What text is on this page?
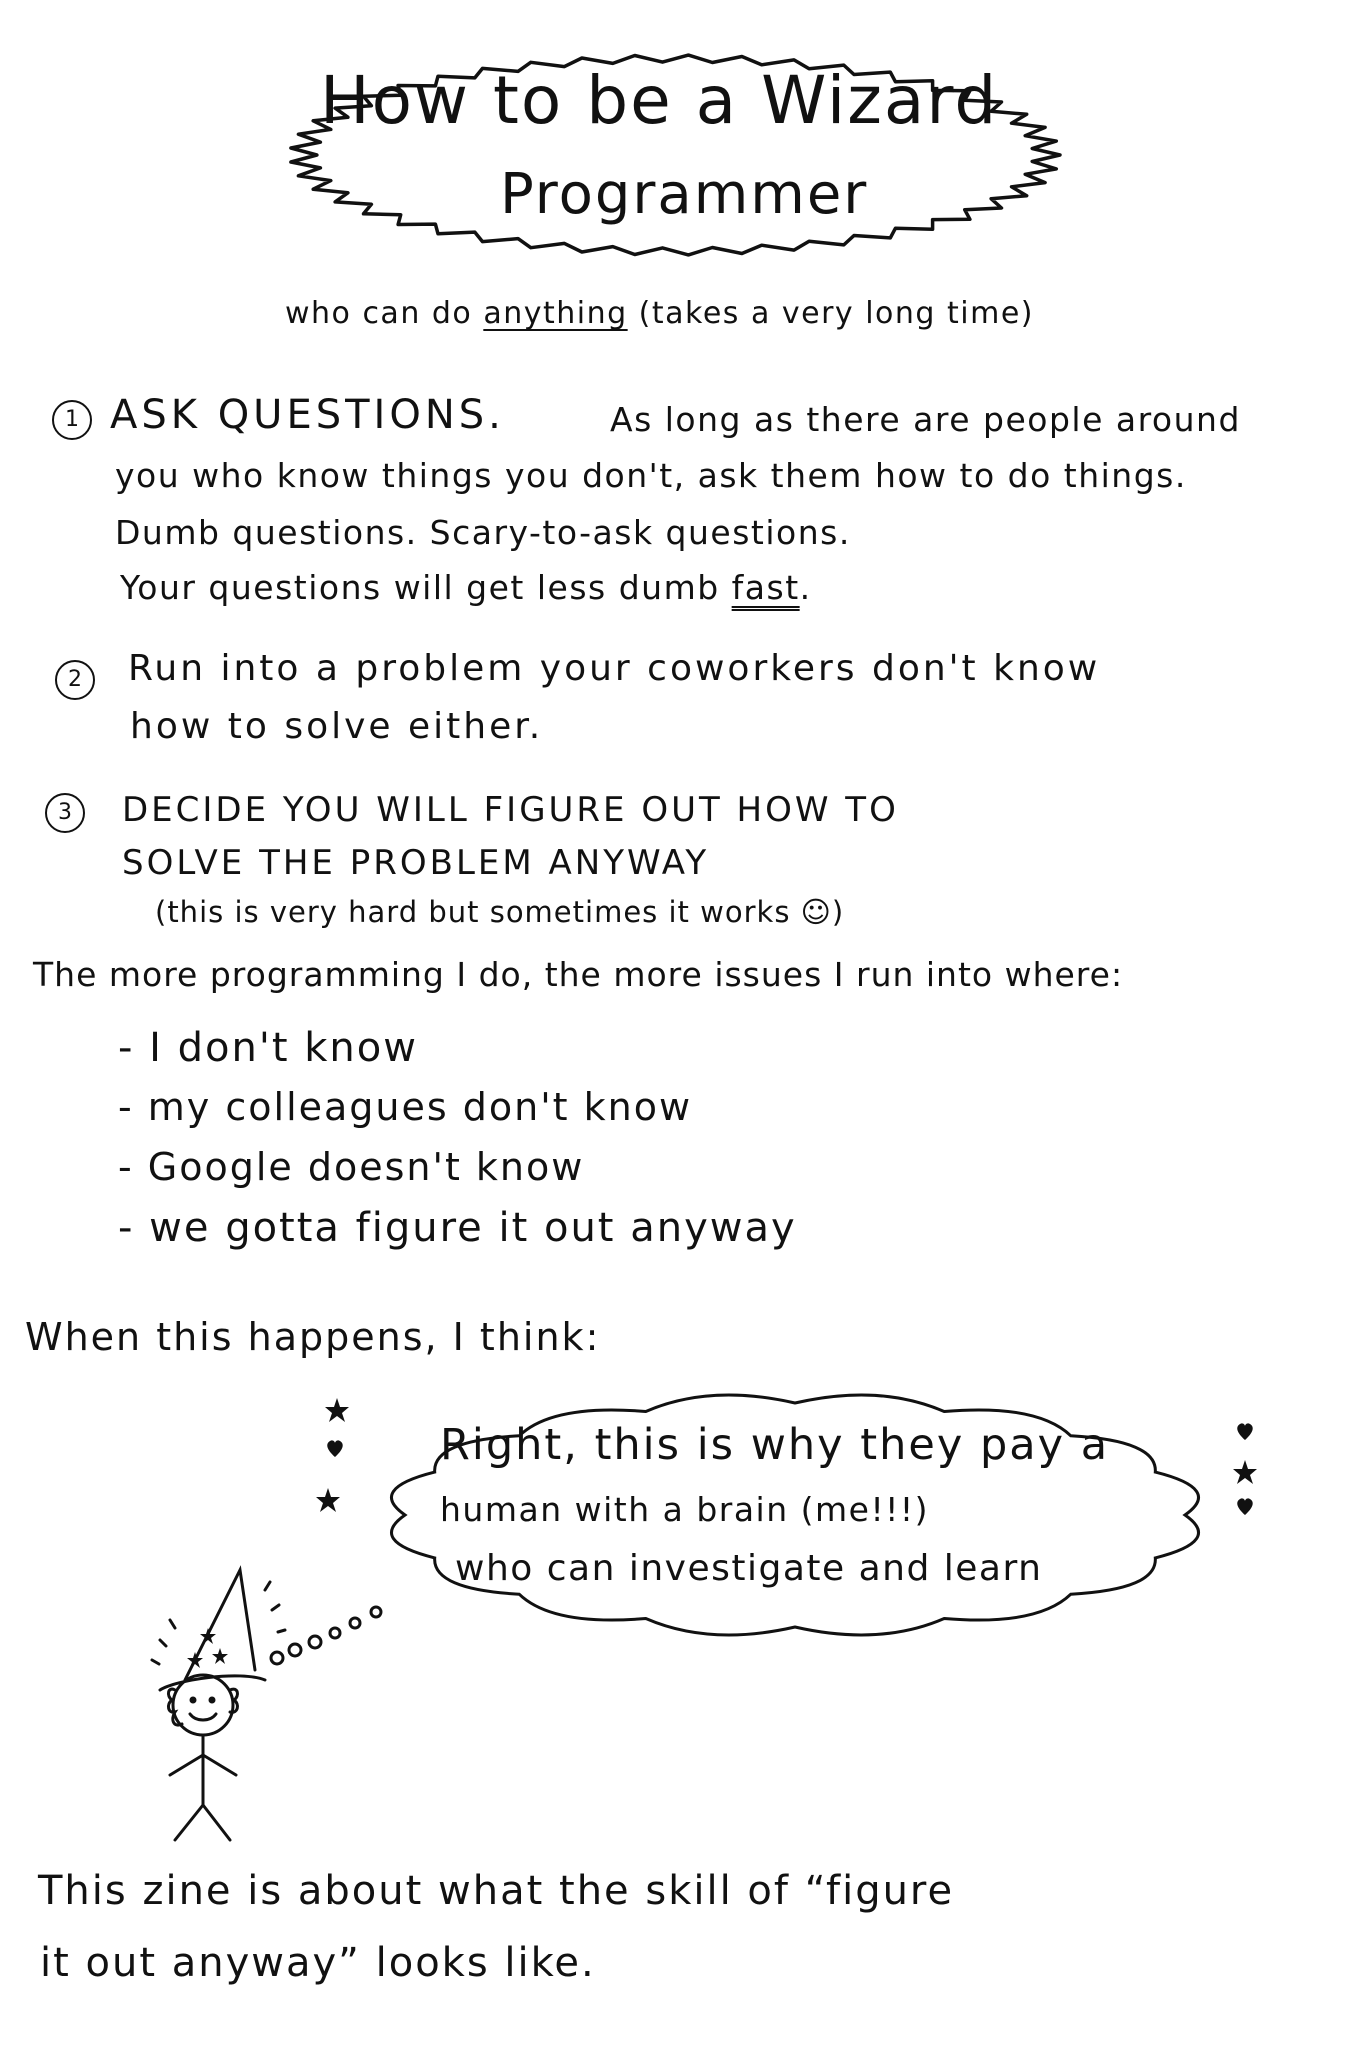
How to be a Wizard
Programmer
who can do anything (takes a very long time)
1 ASK QUESTIONS.	As long as there are people around
you who know things you don't, ask them how to do things.
Dumb questions. Scary-to-ask questions.
Your questions will get less dumb fast.
2	Run into a problem your coworkers don't know
how to solve either.
3	DECIDE YOU WILL FIGURE OUT HOW TO
SOLVE THE PROBLEM ANYWAY
(this is very hard but sometimes it works ☺)
The more programming I do, the more issues I run into where:
- I don't know
- my colleagues don't know
- Google doesn't know
- we gotta figure it out anyway
When this happens, I think:
Right, this is why they pay a
human with a brain (me!!!)
who can investigate and learn
This zine is about what the skill of “figure
it out anyway” looks like.
